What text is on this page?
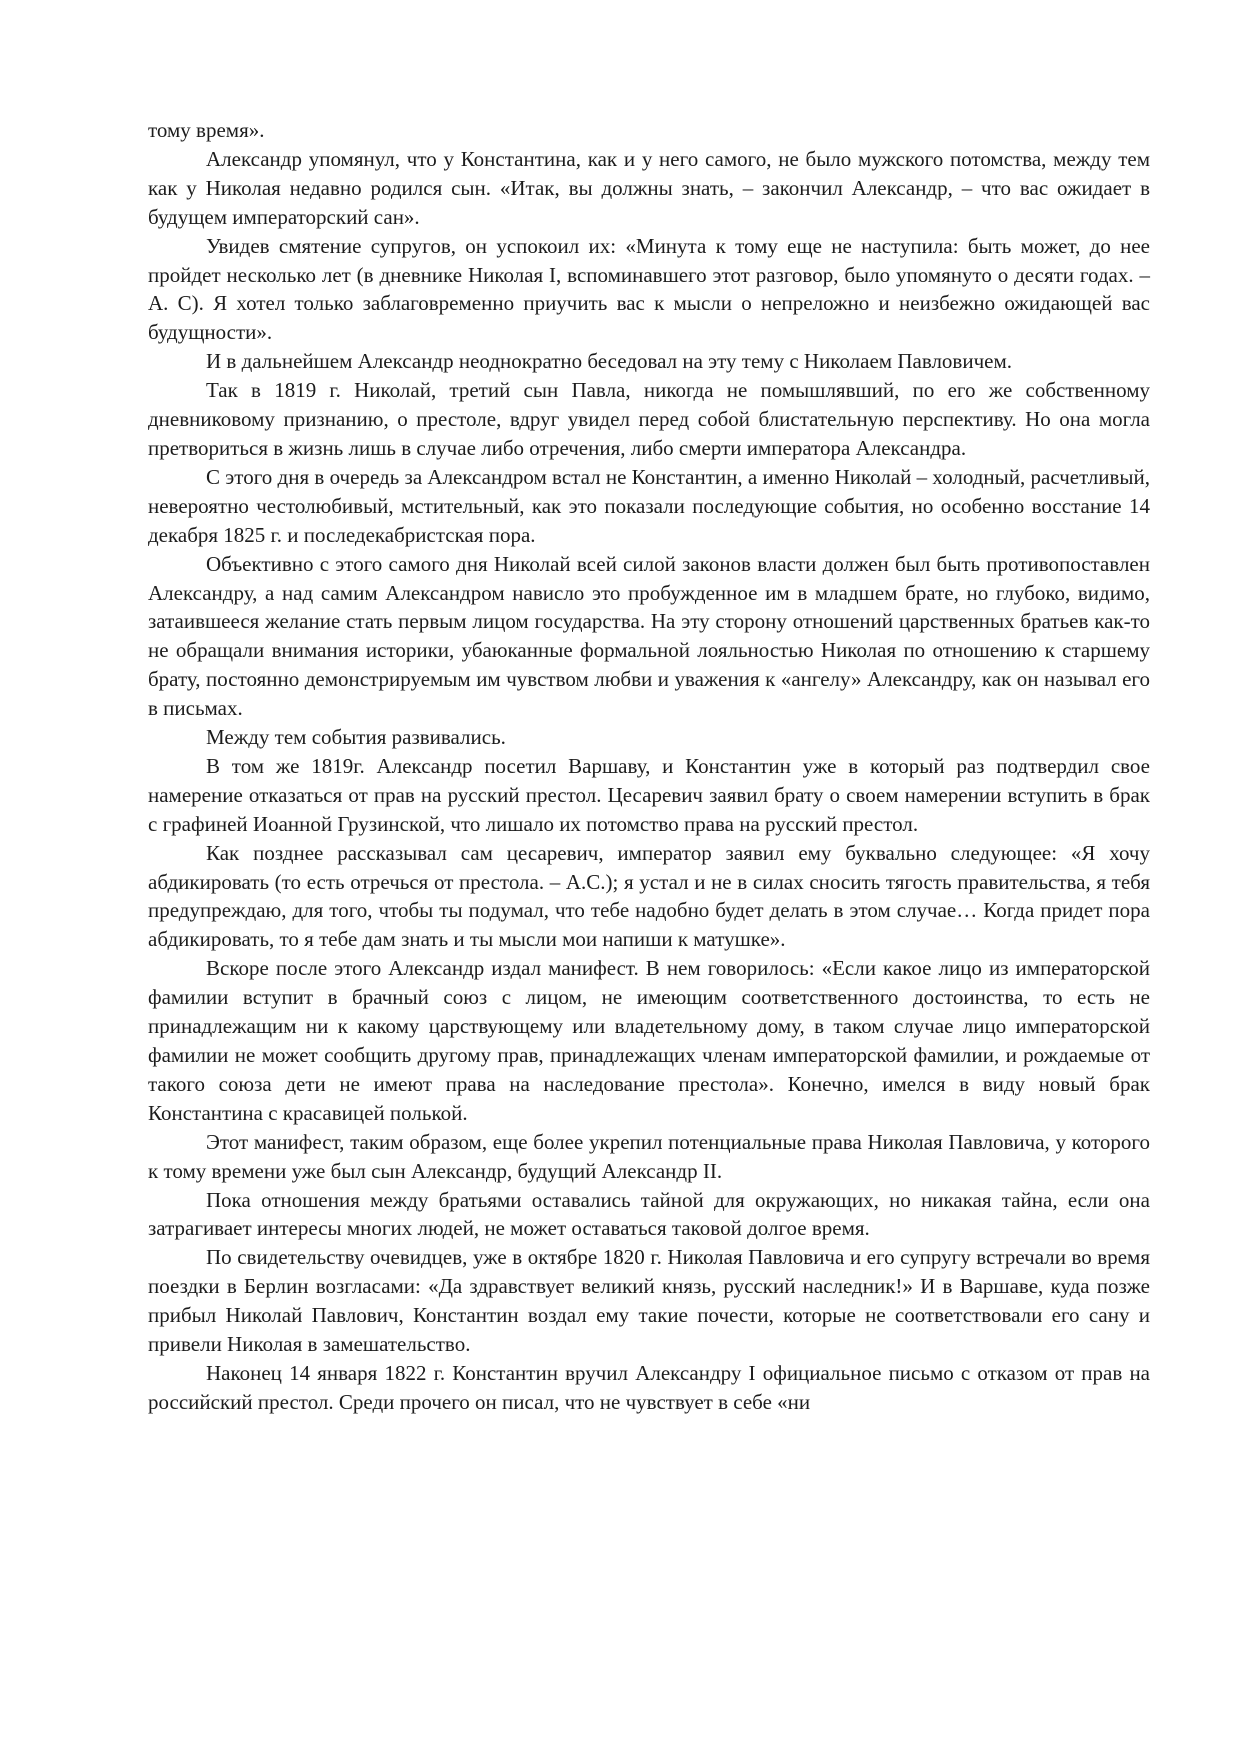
тому время».

Александр упомянул, что у Константина, как и у него самого, не было мужского потомства, между тем как у Николая недавно родился сын. «Итак, вы должны знать, – закончил Александр, – что вас ожидает в будущем императорский сан».

Увидев смятение супругов, он успокоил их: «Минута к тому еще не наступила: быть может, до нее пройдет несколько лет (в дневнике Николая I, вспоминавшего этот разговор, было упомянуто о десяти годах. – А. С). Я хотел только заблаговременно приучить вас к мысли о непреложно и неизбежно ожидающей вас будущности».

И в дальнейшем Александр неоднократно беседовал на эту тему с Николаем Павловичем.

Так в 1819 г. Николай, третий сын Павла, никогда не помышлявший, по его же собственному дневниковому признанию, о престоле, вдруг увидел перед собой блистательную перспективу. Но она могла претвориться в жизнь лишь в случае либо отречения, либо смерти императора Александра.

С этого дня в очередь за Александром встал не Константин, а именно Николай – холодный, расчетливый, невероятно честолюбивый, мстительный, как это показали последующие события, но особенно восстание 14 декабря 1825 г. и последекабристская пора.

Объективно с этого самого дня Николай всей силой законов власти должен был быть противопоставлен Александру, а над самим Александром нависло это пробужденное им в младшем брате, но глубоко, видимо, затаившееся желание стать первым лицом государства. На эту сторону отношений царственных братьев как-то не обращали внимания историки, убаюканные формальной лояльностью Николая по отношению к старшему брату, постоянно демонстрируемым им чувством любви и уважения к «ангелу» Александру, как он называл его в письмах.

Между тем события развивались.

В том же 1819г. Александр посетил Варшаву, и Константин уже в который раз подтвердил свое намерение отказаться от прав на русский престол. Цесаревич заявил брату о своем намерении вступить в брак с графиней Иоанной Грузинской, что лишало их потомство права на русский престол.

Как позднее рассказывал сам цесаревич, император заявил ему буквально следующее: «Я хочу абдикировать (то есть отречься от престола. – А.С.); я устал и не в силах сносить тягость правительства, я тебя предупреждаю, для того, чтобы ты подумал, что тебе надобно будет делать в этом случае… Когда придет пора абдикировать, то я тебе дам знать и ты мысли мои напиши к матушке».

Вскоре после этого Александр издал манифест. В нем говорилось: «Если какое лицо из императорской фамилии вступит в брачный союз с лицом, не имеющим соответственного достоинства, то есть не принадлежащим ни к какому царствующему или владетельному дому, в таком случае лицо императорской фамилии не может сообщить другому прав, принадлежащих членам императорской фамилии, и рождаемые от такого союза дети не имеют права на наследование престола». Конечно, имелся в виду новый брак Константина с красавицей полькой.

Этот манифест, таким образом, еще более укрепил потенциальные права Николая Павловича, у которого к тому времени уже был сын Александр, будущий Александр II.

Пока отношения между братьями оставались тайной для окружающих, но никакая тайна, если она затрагивает интересы многих людей, не может оставаться таковой долгое время.

По свидетельству очевидцев, уже в октябре 1820 г. Николая Павловича и его супругу встречали во время поездки в Берлин возгласами: «Да здравствует великий князь, русский наследник!» И в Варшаве, куда позже прибыл Николай Павлович, Константин воздал ему такие почести, которые не соответствовали его сану и привели Николая в замешательство.

Наконец 14 января 1822 г. Константин вручил Александру I официальное письмо с отказом от прав на российский престол. Среди прочего он писал, что не чувствует в себе «ни
